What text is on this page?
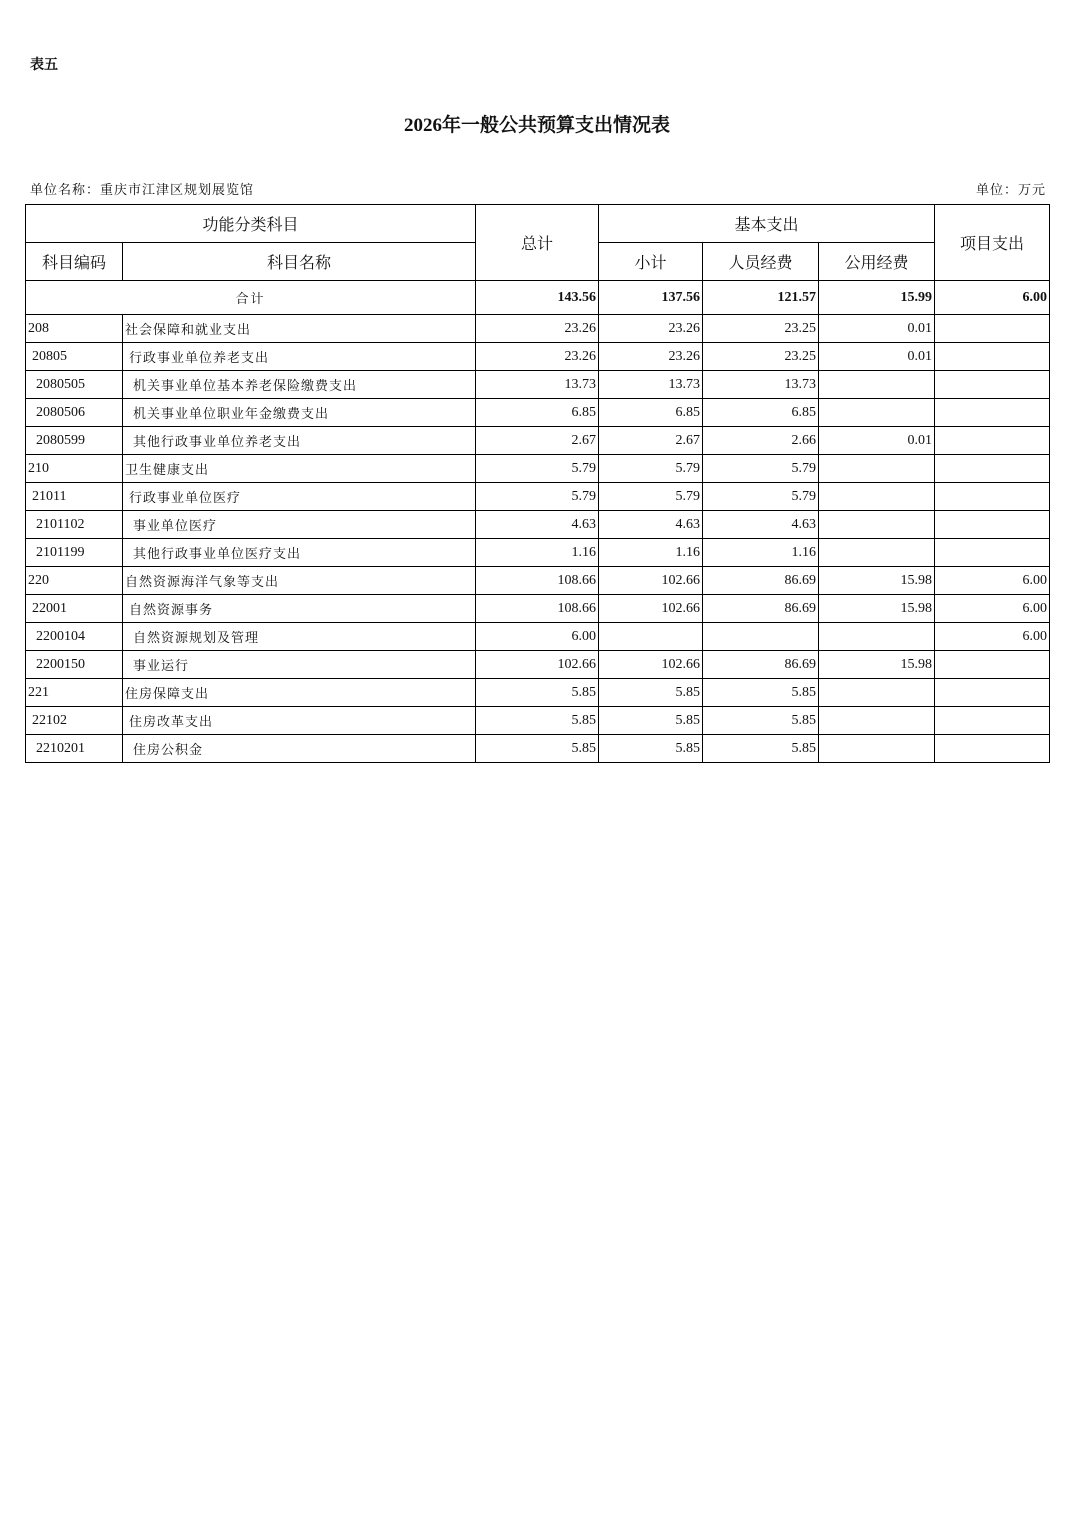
表五
2026年一般公共预算支出情况表
单位名称：重庆市江津区规划展览馆	单位：万元
功能分类科目		总计	基本支出			项目支出
科目编码	科目名称		小计	人员经费	公用经费	
合计		143.56	137.56	121.57	15.99	6.00
208	社会保障和就业支出	23.26	23.26	23.25	0.01	
20805	行政事业单位养老支出	23.26	23.26	23.25	0.01	
2080505	机关事业单位基本养老保险缴费支出	13.73	13.73	13.73		
2080506	机关事业单位职业年金缴费支出	6.85	6.85	6.85		
2080599	其他行政事业单位养老支出	2.67	2.67	2.66	0.01	
210	卫生健康支出	5.79	5.79	5.79		
21011	行政事业单位医疗	5.79	5.79	5.79		
2101102	事业单位医疗	4.63	4.63	4.63		
2101199	其他行政事业单位医疗支出	1.16	1.16	1.16		
220	自然资源海洋气象等支出	108.66	102.66	86.69	15.98	6.00
22001	自然资源事务	108.66	102.66	86.69	15.98	6.00
2200104	自然资源规划及管理	6.00				6.00
2200150	事业运行	102.66	102.66	86.69	15.98	
221	住房保障支出	5.85	5.85	5.85		
22102	住房改革支出	5.85	5.85	5.85		
2210201	住房公积金	5.85	5.85	5.85		
